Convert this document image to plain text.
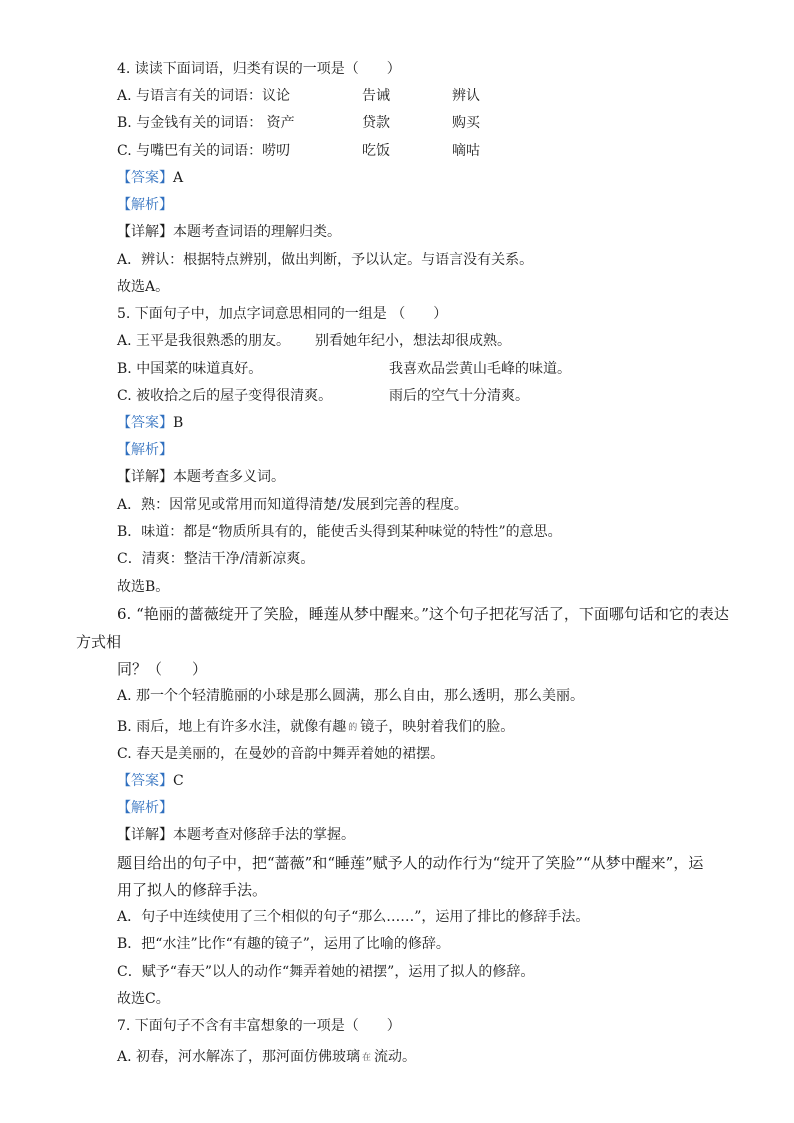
4. 读读下面词语，归类有误的一项是（　　）
A. 与语言有关的词语：议论	告诫	辨认
B. 与金钱有关的词语： 资产	贷款	购买
C. 与嘴巴有关的词语：唠叨	吃饭	嘀咕
【答案】A
【解析】
【详解】本题考查词语的理解归类。
A．辨认：根据特点辨别，做出判断，予以认定。与语言没有关系。
故选A。
5. 下面句子中，加点字词意思相同的一组是 （　　）
A. 王平是我很熟悉的朋友。 别看她年纪小，想法却很成熟。
B. 中国菜的味道真好。	我喜欢品尝黄山毛峰的味道。
C. 被收拾之后的屋子变得很清爽。	雨后的空气十分清爽。
【答案】B
【解析】
【详解】本题考查多义词。
A．熟：因常见或常用而知道得清楚/发展到完善的程度。
B．味道：都是“物质所具有的，能使舌头得到某种味觉的特性”的意思。
C．清爽：整洁干净/清新凉爽。
故选B。
6. “艳丽的蔷薇绽开了笑脸，睡莲从梦中醒来。”这个句子把花写活了，下面哪句话和它的表达
方式相
同？（　　）
A. 那一个个轻清脆丽的小球是那么圆满，那么自由，那么透明，那么美丽。
B. 雨后，地上有许多水洼，就像有趣 的 镜子，映射着我们的脸。
C. 春天是美丽的，在曼妙的音韵中舞弄着她的裙摆。
【答案】C
【解析】
【详解】本题考查对修辞手法的掌握。
题目给出的句子中，把“蔷薇”和“睡莲”赋予人的动作行为“绽开了笑脸”“从梦中醒来”，运
用了拟人的修辞手法。
A．句子中连续使用了三个相似的句子“那么……”，运用了排比的修辞手法。
B．把“水洼”比作“有趣的镜子”，运用了比喻的修辞。
C．赋予“春天”以人的动作“舞弄着她的裙摆”，运用了拟人的修辞。
故选C。
7. 下面句子不含有丰富想象的一项是（　　）
A. 初春，河水解冻了，那河面仿佛玻璃 在 流动。
